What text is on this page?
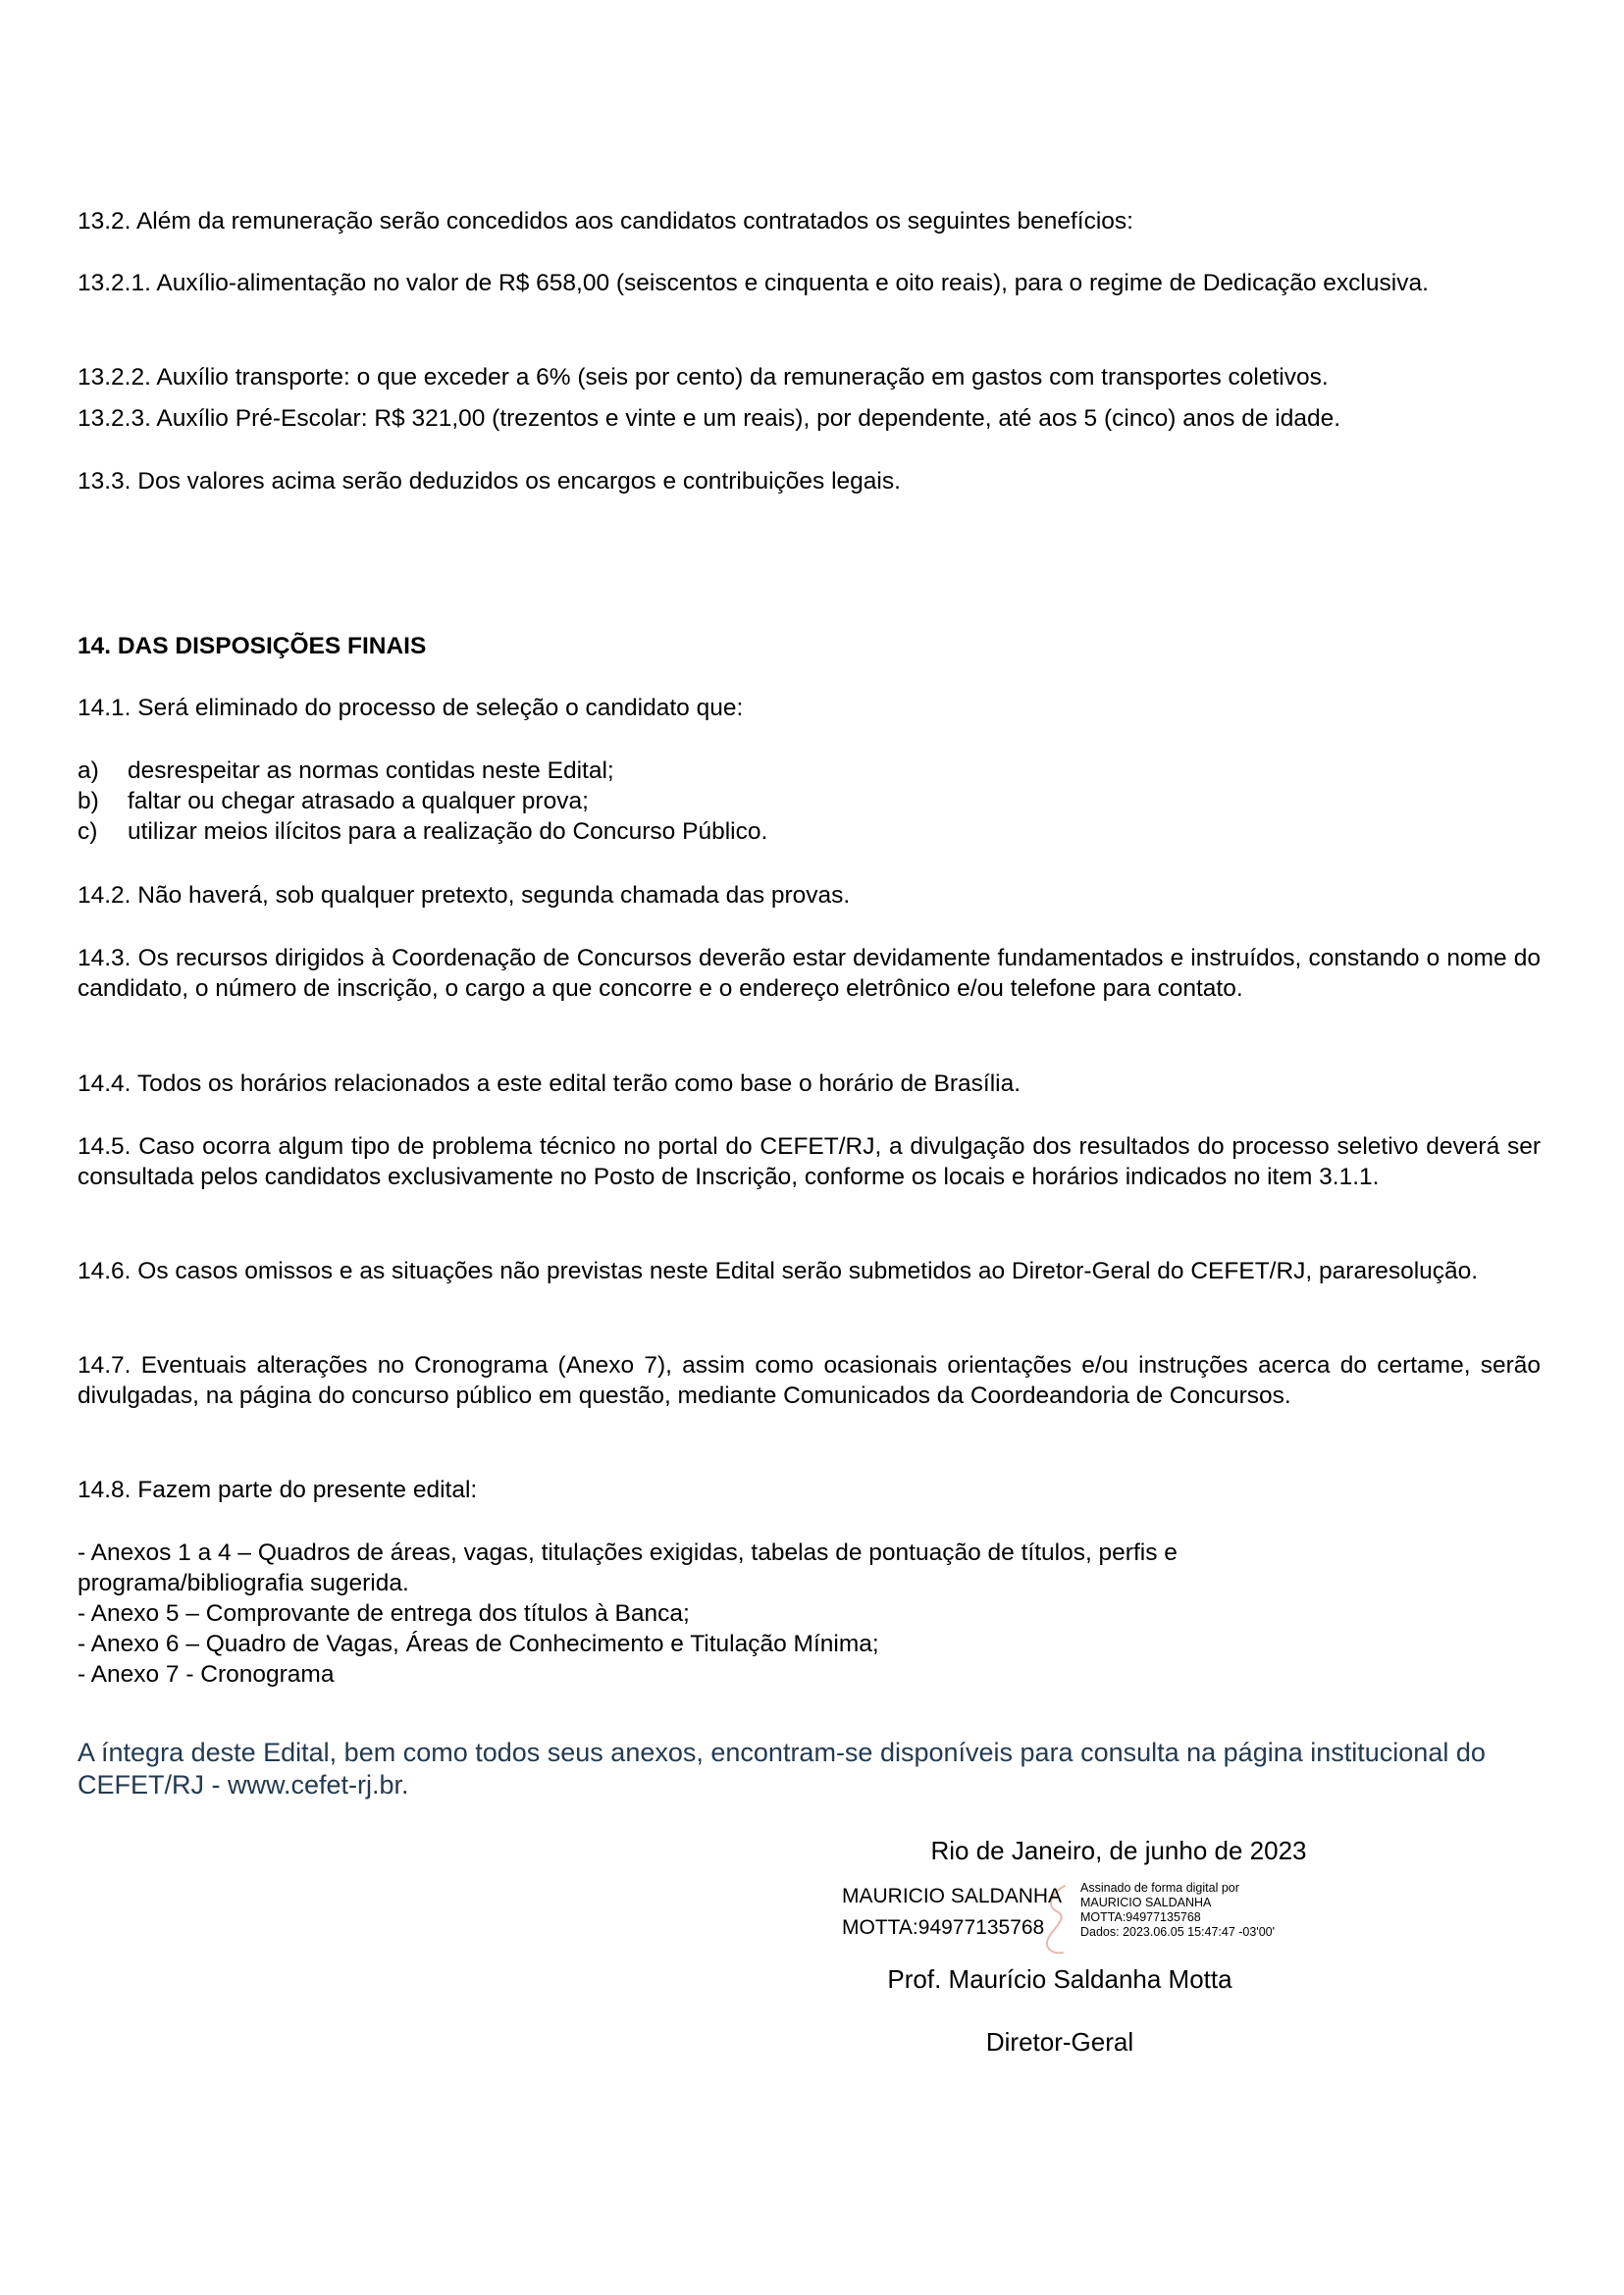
13.2. Além da remuneração serão concedidos aos candidatos contratados os seguintes benefícios:

13.2.1. Auxílio-alimentação no valor de R$ 658,00 (seiscentos e cinquenta e oito reais), para o regime de Dedicação exclusiva.

13.2.2. Auxílio transporte: o que exceder a 6% (seis por cento) da remuneração em gastos com transportes coletivos.

13.2.3. Auxílio Pré-Escolar: R$ 321,00 (trezentos e vinte e um reais), por dependente, até aos 5 (cinco) anos de idade.

13.3. Dos valores acima serão deduzidos os encargos e contribuições legais.

14. DAS DISPOSIÇÕES FINAIS

14.1. Será eliminado do processo de seleção o candidato que:

a) desrespeitar as normas contidas neste Edital;
b) faltar ou chegar atrasado a qualquer prova;
c) utilizar meios ilícitos para a realização do Concurso Público.

14.2. Não haverá, sob qualquer pretexto, segunda chamada das provas.

14.3. Os recursos dirigidos à Coordenação de Concursos deverão estar devidamente fundamentados e instruídos, constando o nome do candidato, o número de inscrição, o cargo a que concorre e o endereço eletrônico e/ou telefone para contato.

14.4. Todos os horários relacionados a este edital terão como base o horário de Brasília.

14.5. Caso ocorra algum tipo de problema técnico no portal do CEFET/RJ, a divulgação dos resultados do processo seletivo deverá ser consultada pelos candidatos exclusivamente no Posto de Inscrição, conforme os locais e horários indicados no item 3.1.1.

14.6. Os casos omissos e as situações não previstas neste Edital serão submetidos ao Diretor-Geral do CEFET/RJ, pararesolução.

14.7. Eventuais alterações no Cronograma (Anexo 7), assim como ocasionais orientações e/ou instruções acerca do certame, serão divulgadas, na página do concurso público em questão, mediante Comunicados da Coordeandoria de Concursos.

14.8. Fazem parte do presente edital:

- Anexos 1 a 4 – Quadros de áreas, vagas, titulações exigidas, tabelas de pontuação de títulos, perfis e
programa/bibliografia sugerida.
- Anexo 5 – Comprovante de entrega dos títulos à Banca;
- Anexo 6 – Quadro de Vagas, Áreas de Conhecimento e Titulação Mínima;
- Anexo 7 - Cronograma

A íntegra deste Edital, bem como todos seus anexos, encontram-se disponíveis para consulta na página institucional do CEFET/RJ - www.cefet-rj.br.

Rio de Janeiro, de junho de 2023
MAURICIO SALDANHA
MOTTA:94977135768
Assinado de forma digital por
MAURICIO SALDANHA
MOTTA:94977135768
Dados: 2023.06.05 15:47:47 -03'00'
Prof. Maurício Saldanha Motta
Diretor-Geral
